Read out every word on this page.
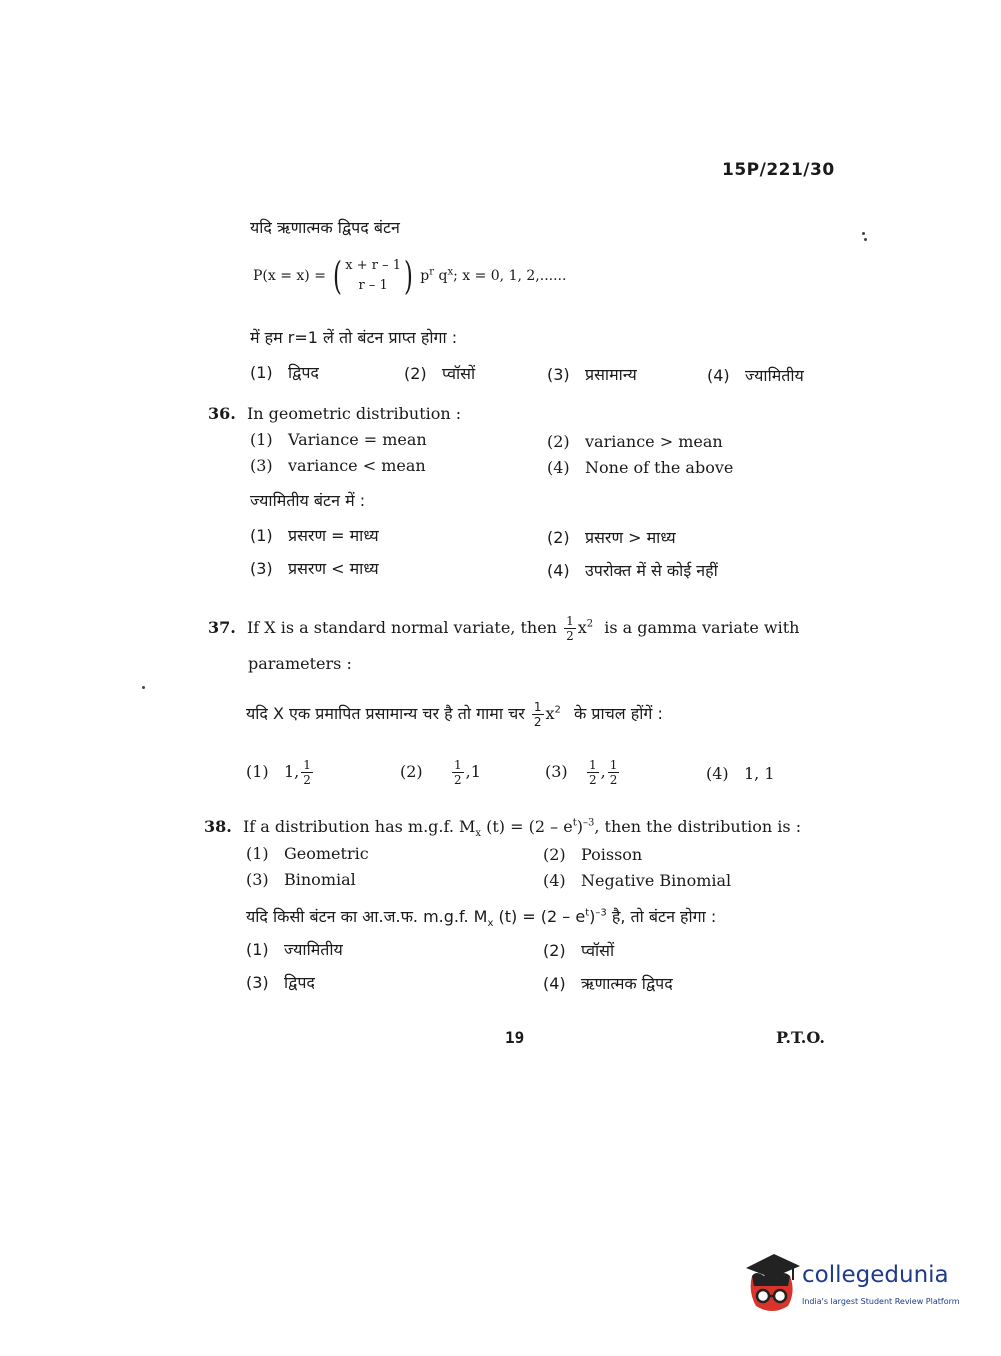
15P/221/30
यदि ऋणात्मक द्विपद बंटन
P(x = x) = ( x + r – 1
r – 1 ) $p^r$ $q^x$; x = 0, 1, 2,......
में हम r=1 लें तो बंटन प्राप्त होगा :
(1) द्विपद	(2) प्वॉसों	(3) प्रसामान्य	(4) ज्यामितीय
36. In geometric distribution :
(1) Variance = mean	(2) variance > mean
(3) variance < mean	(4) None of the above
ज्यामितीय बंटन में :
(1) प्रसरण = माध्य	(2) प्रसरण > माध्य
(3) प्रसरण < माध्य	(4) उपरोक्त में से कोई नहीं
37. If X is a standard normal variate, then $\frac{1}{2} x^2$ is a gamma variate with
parameters :
यदि X एक प्रमापित प्रसामान्य चर है तो गामा चर $\frac{1}{2} x^2$ के प्राचल होंगें :
(1) 1, $\frac{1}{2}$	$(2) \frac{1}{2} ,1$	$(3) \frac{1}{2}$ , $\frac{1}{2}$	(4) 1, 1
38. If a distribution has m.g.f. $M_x$ $(t) = (2 - e^t)^{-3}$, then the distribution is :
(1) Geometric	(2) Poisson
(3) Binomial	(4) Negative Binomial
यदि किसी बंटन का आ.ज.फ. m.g.f. $M_x$ $(t) = (2 - e^t)^{-3}$ है, तो बंटन होगा :
(1) ज्यामितीय	(2) प्वॉसों
(3) द्विपद	(4) ऋणात्मक द्विपद
19	P.T.O.
collegedunia
India's largest Student Review Platform
